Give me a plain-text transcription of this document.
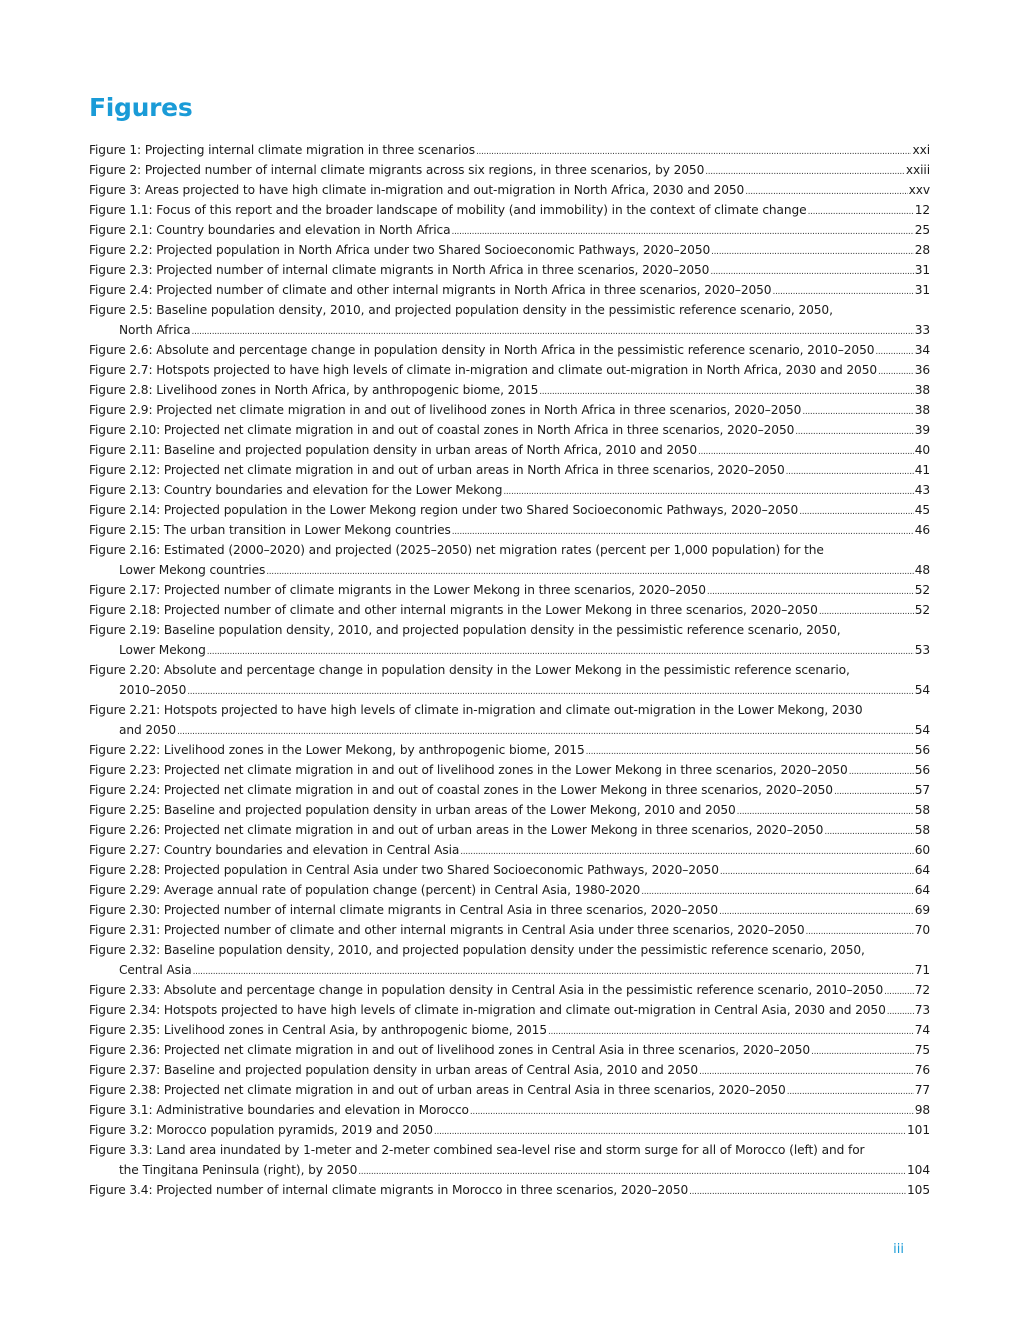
Figures
Figure 1: Projecting internal climate migration in three scenarios . . .	xxi
Figure 2: Projected number of internal climate migrants across six regions, in three scenarios, by 2050 . . .	xxiii
Figure 3: Areas projected to have high climate in-migration and out-migration in North Africa, 2030 and 2050 . . .	xxv
Figure 1.1: Focus of this report and the broader landscape of mobility (and immobility) in the context of climate change . . .	12
Figure 2.1: Country boundaries and elevation in North Africa . . .	25
Figure 2.2: Projected population in North Africa under two Shared Socioeconomic Pathways, 2020–2050 . . .	28
Figure 2.3: Projected number of internal climate migrants in North Africa in three scenarios, 2020–2050 . . .	31
Figure 2.4: Projected number of climate and other internal migrants in North Africa in three scenarios, 2020–2050 . . .	31
Figure 2.5: Baseline population density, 2010, and projected population density in the pessimistic reference scenario, 2050,
North Africa . . .	33
Figure 2.6: Absolute and percentage change in population density in North Africa in the pessimistic reference scenario, 2010–2050 . . .	34
Figure 2.7: Hotspots projected to have high levels of climate in-migration and climate out-migration in North Africa, 2030 and 2050 . . .	36
Figure 2.8: Livelihood zones in North Africa, by anthropogenic biome, 2015 . . .	38
Figure 2.9: Projected net climate migration in and out of livelihood zones in North Africa in three scenarios, 2020–2050 . . .	38
Figure 2.10: Projected net climate migration in and out of coastal zones in North Africa in three scenarios, 2020–2050 . . .	39
Figure 2.11: Baseline and projected population density in urban areas of North Africa, 2010 and 2050 . . .	40
Figure 2.12: Projected net climate migration in and out of urban areas in North Africa in three scenarios, 2020–2050 . . .	41
Figure 2.13: Country boundaries and elevation for the Lower Mekong . . .	43
Figure 2.14: Projected population in the Lower Mekong region under two Shared Socioeconomic Pathways, 2020–2050 . . .	45
Figure 2.15: The urban transition in Lower Mekong countries . . .	46
Figure 2.16: Estimated (2000–2020) and projected (2025–2050) net migration rates (percent per 1,000 population) for the
Lower Mekong countries . . .	48
Figure 2.17: Projected number of climate migrants in the Lower Mekong in three scenarios, 2020–2050 . . .	52
Figure 2.18: Projected number of climate and other internal migrants in the Lower Mekong in three scenarios, 2020–2050 . . .	52
Figure 2.19: Baseline population density, 2010, and projected population density in the pessimistic reference scenario, 2050,
Lower Mekong . . .	53
Figure 2.20: Absolute and percentage change in population density in the Lower Mekong in the pessimistic reference scenario,
2010–2050 . . .	54
Figure 2.21: Hotspots projected to have high levels of climate in-migration and climate out-migration in the Lower Mekong, 2030
and 2050 . . .	54
Figure 2.22: Livelihood zones in the Lower Mekong, by anthropogenic biome, 2015 . . .	56
Figure 2.23: Projected net climate migration in and out of livelihood zones in the Lower Mekong in three scenarios, 2020–2050 . . .	56
Figure 2.24: Projected net climate migration in and out of coastal zones in the Lower Mekong in three scenarios, 2020–2050 . . .	57
Figure 2.25: Baseline and projected population density in urban areas of the Lower Mekong, 2010 and 2050 . . .	58
Figure 2.26: Projected net climate migration in and out of urban areas in the Lower Mekong in three scenarios, 2020–2050 . . .	58
Figure 2.27: Country boundaries and elevation in Central Asia . . .	60
Figure 2.28: Projected population in Central Asia under two Shared Socioeconomic Pathways, 2020–2050 . . .	64
Figure 2.29: Average annual rate of population change (percent) in Central Asia, 1980-2020 . . .	64
Figure 2.30: Projected number of internal climate migrants in Central Asia in three scenarios, 2020–2050 . . .	69
Figure 2.31: Projected number of climate and other internal migrants in Central Asia under three scenarios, 2020–2050 . . .	70
Figure 2.32: Baseline population density, 2010, and projected population density under the pessimistic reference scenario, 2050,
Central Asia . . .	71
Figure 2.33: Absolute and percentage change in population density in Central Asia in the pessimistic reference scenario, 2010–2050 . . .	72
Figure 2.34: Hotspots projected to have high levels of climate in-migration and climate out-migration in Central Asia, 2030 and 2050 . . . 73
Figure 2.35: Livelihood zones in Central Asia, by anthropogenic biome, 2015 . . .	74
Figure 2.36: Projected net climate migration in and out of livelihood zones in Central Asia in three scenarios, 2020–2050 . . .	75
Figure 2.37: Baseline and projected population density in urban areas of Central Asia, 2010 and 2050 . . .	76
Figure 2.38: Projected net climate migration in and out of urban areas in Central Asia in three scenarios, 2020–2050 . . .	77
Figure 3.1: Administrative boundaries and elevation in Morocco . . .	98
Figure 3.2: Morocco population pyramids, 2019 and 2050 . . .	101
Figure 3.3: Land area inundated by 1-meter and 2-meter combined sea-level rise and storm surge for all of Morocco (left) and for
the Tingitana Peninsula (right), by 2050 . . .	104
Figure 3.4: Projected number of internal climate migrants in Morocco in three scenarios, 2020–2050 . . .	105
iii
